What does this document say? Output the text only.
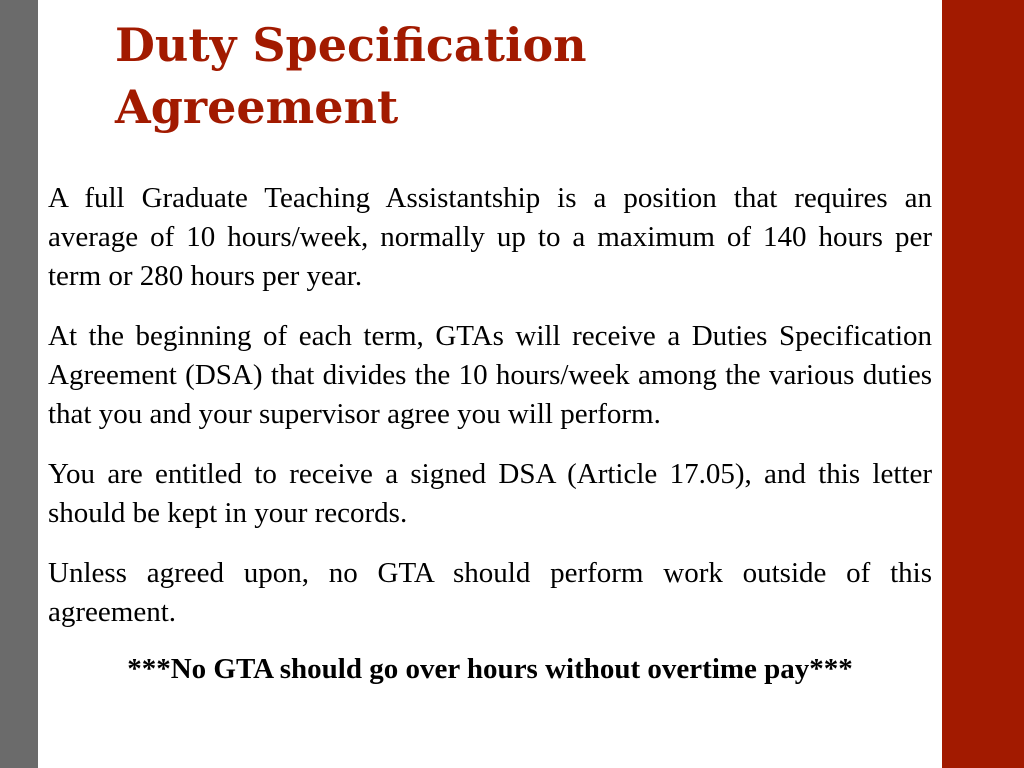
Duty Specification
Agreement

A full Graduate Teaching Assistantship is a position that requires an average of 10 hours/week, normally up to a maximum of 140 hours per term or 280 hours per year.

At the beginning of each term, GTAs will receive a Duties Specification Agreement (DSA) that divides the 10 hours/week among the various duties that you and your supervisor agree you will perform.

You are entitled to receive a signed DSA (Article 17.05), and this letter should be kept in your records.

Unless agreed upon, no GTA should perform work outside of this agreement.

***No GTA should go over hours without overtime pay***
